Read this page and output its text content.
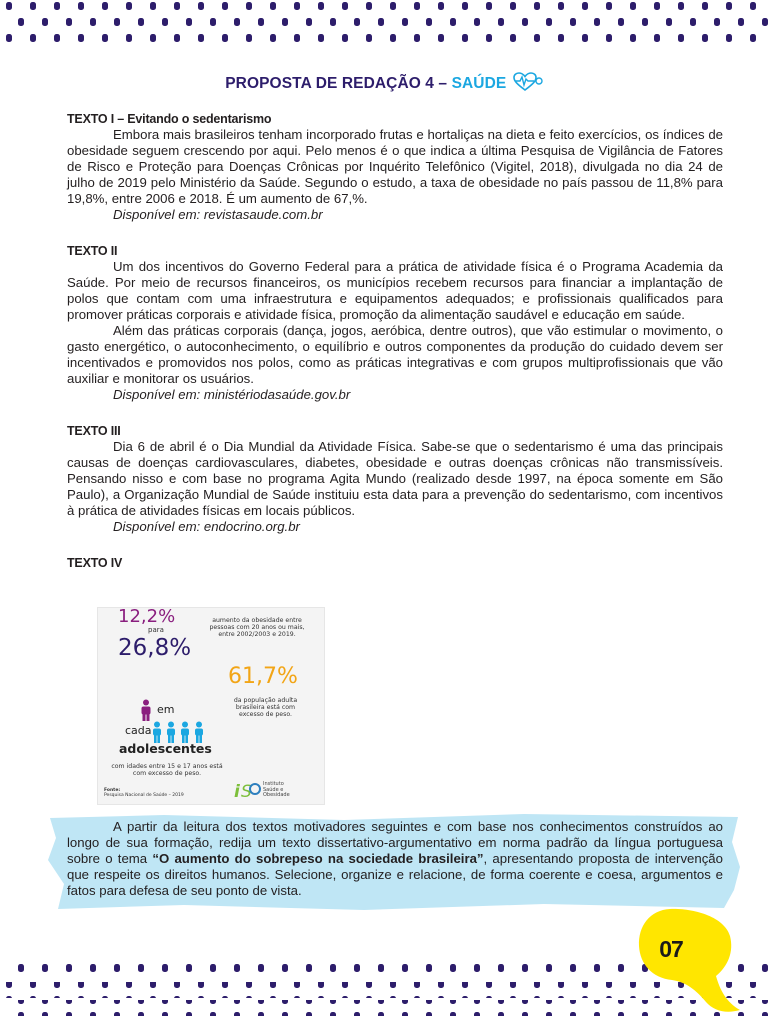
PROPOSTA DE REDAÇÃO 4 – SAÚDE
TEXTO I – Evitando o sedentarismo

Embora mais brasileiros tenham incorporado frutas e hortaliças na dieta e feito exercícios, os índices de obesidade seguem crescendo por aqui. Pelo menos é o que indica a última Pesquisa de Vigilância de Fatores de Risco e Proteção para Doenças Crônicas por Inquérito Telefônico (Vigitel, 2018), divulgada no dia 24 de julho de 2019 pelo Ministério da Saúde. Segundo o estudo, a taxa de obesidade no país passou de 11,8% para 19,8%, entre 2006 e 2018. É um aumento de 67,%.

Disponível em: revistasaude.com.br
TEXTO II

Um dos incentivos do Governo Federal para a prática de atividade física é o Programa Academia da Saúde. Por meio de recursos financeiros, os municípios recebem recursos para financiar a implantação de polos que contam com uma infraestrutura e equipamentos adequados; e profissionais qualificados para promover práticas corporais e atividade física, promoção da alimentação saudável e educação em saúde.

Além das práticas corporais (dança, jogos, aeróbica, dentre outros), que vão estimular o movimento, o gasto energético, o autoconhecimento, o equilíbrio e outros componentes da produção do cuidado devem ser incentivados e promovidos nos polos, como as práticas integrativas e com grupos multiprofissionais que vão auxiliar e monitorar os usuários.

Disponível em: ministériodasaúde.gov.br
TEXTO III

Dia 6 de abril é o Dia Mundial da Atividade Física. Sabe-se que o sedentarismo é uma das principais causas de doenças cardiovasculares, diabetes, obesidade e outras doenças crônicas não transmissíveis. Pensando nisso e com base no programa Agita Mundo (realizado desde 1997, na época somente em São Paulo), a Organização Mundial de Saúde instituiu esta data para a prevenção do sedentarismo, com incentivos à prática de atividades físicas em locais públicos.

Disponível em: endocrino.org.br
TEXTO IV
12,2%
para
26,8%
aumento da obesidade entre pessoas com 20 anos ou mais, entre 2002/2003 e 2019.
61,7%
da população adulta brasileira está com excesso de peso.
em
cada
adolescentes
com idades entre 15 e 17 anos está com excesso de peso.
Fonte:
Pesquisa Nacional de Saúde – 2019	i S Instituto
Saúde e
Obesidade

A partir da leitura dos textos motivadores seguintes e com base nos conhecimentos construídos ao longo de sua formação, redija um texto dissertativo-argumentativo em norma padrão da língua portuguesa sobre o tema “O aumento do sobrepeso na sociedade brasileira”, apresentando proposta de intervenção que respeite os direitos humanos. Selecione, organize e relacione, de forma coerente e coesa, argumentos e fatos para defesa de seu ponto de vista.

07
